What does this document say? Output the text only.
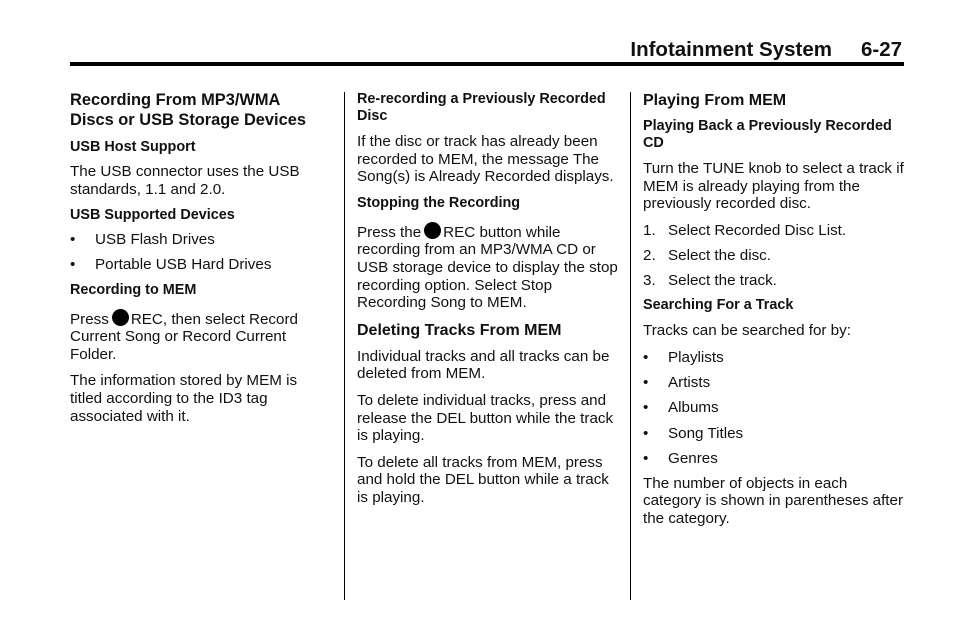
Infotainment System 6-27
Recording From MP3/WMA Discs or USB Storage Devices
USB Host Support

The USB connector uses the USB standards, 1.1 and 2.0.

USB Supported Devices
• USB Flash Drives
• Portable USB Hard Drives
Recording to MEM

Press REC, then select Record Current Song or Record Current Folder.

The information stored by MEM is titled according to the ID3 tag associated with it.

Re-recording a Previously Recorded Disc

If the disc or track has already been recorded to MEM, the message The Song(s) is Already Recorded displays.

Stopping the Recording

Press the REC button while recording from an MP3/WMA CD or USB storage device to display the stop recording option. Select Stop Recording Song to MEM.

Deleting Tracks From MEM

Individual tracks and all tracks can be deleted from MEM.

To delete individual tracks, press and release the DEL button while the track is playing.

To delete all tracks from MEM, press and hold the DEL button while a track is playing.

Playing From MEM
Playing Back a Previously Recorded CD

Turn the TUNE knob to select a track if MEM is already playing from the previously recorded disc.

1. Select Recorded Disc List.
2. Select the disc.
3. Select the track.
Searching For a Track

Tracks can be searched for by:

• Playlists
• Artists
• Albums
• Song Titles
• Genres

The number of objects in each category is shown in parentheses after the category.
